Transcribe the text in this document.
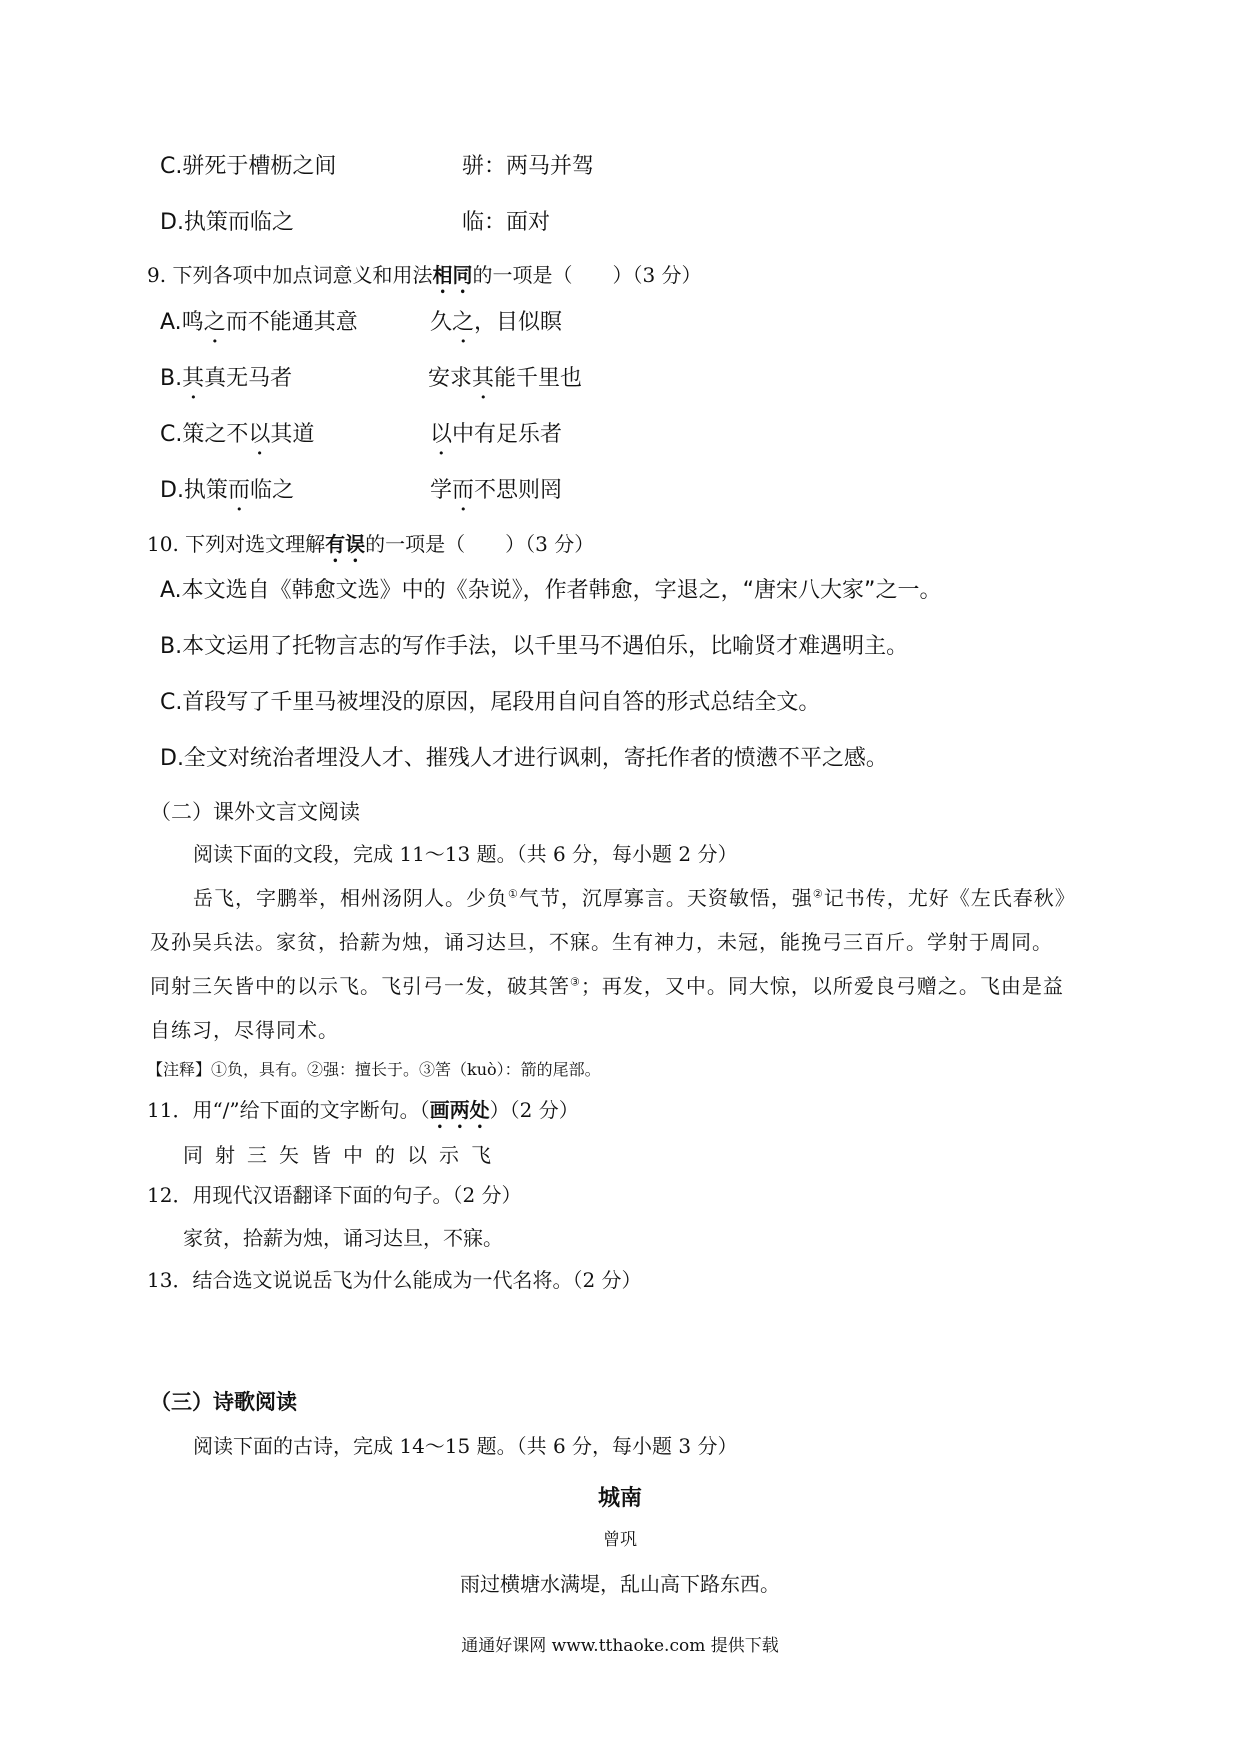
C.骈死于槽枥之间	骈：两马并驾
D.执策而临之	临：面对
9. 下列各项中加点词意义和用法相同的一项是（　　）（3 分）
A.鸣之而不能通其意	久之，目似瞑
B.其真无马者	安求其能千里也
C.策之不以其道	以中有足乐者
D.执策而临之	学而不思则罔
10. 下列对选文理解有误的一项是（　　）（3 分）
A.本文选自《韩愈文选》中的《杂说》，作者韩愈，字退之，“唐宋八大家”之一。
B.本文运用了托物言志的写作手法，以千里马不遇伯乐，比喻贤才难遇明主。
C.首段写了千里马被埋没的原因，尾段用自问自答的形式总结全文。
D.全文对统治者埋没人才、摧残人才进行讽刺，寄托作者的愤懑不平之感。
（二）课外文言文阅读
阅读下面的文段，完成 11～13 题。（共 6 分，每小题 2 分）
岳飞，字鹏举，相州汤阴人。少负①气节，沉厚寡言。天资敏悟，强②记书传，尤好《左氏春秋》
及孙吴兵法。家贫，拾薪为烛，诵习达旦，不寐。生有神力，未冠，能挽弓三百斤。学射于周同。
同射三矢皆中的以示飞。飞引弓一发，破其筈③；再发，又中。同大惊，以所爱良弓赠之。飞由是益
自练习，尽得同术。
【注释】①负，具有。②强：擅长于。③筈（kuò）：箭的尾部。
11．用“/”给下面的文字断句。（画两处）（2 分）
同射三矢皆中的以示飞
12．用现代汉语翻译下面的句子。（2 分）
家贫，拾薪为烛，诵习达旦，不寐。
13．结合选文说说岳飞为什么能成为一代名将。（2 分）
（三）诗歌阅读
阅读下面的古诗，完成 14～15 题。（共 6 分，每小题 3 分）
城南
曾巩
雨过横塘水满堤，乱山高下路东西。
通通好课网 www.tthaoke.com 提供下载
